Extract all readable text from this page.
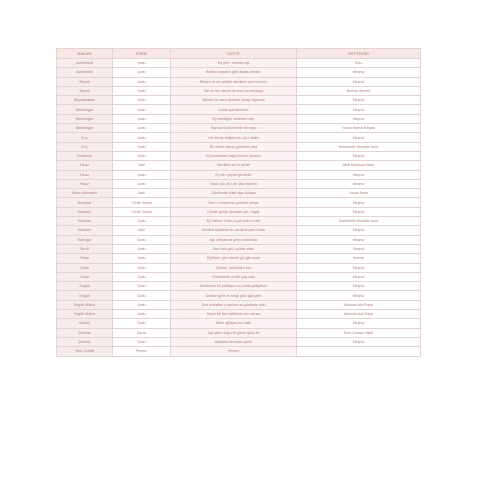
MAKAM	FORM	GÜFTE	GÜFTEKÂR
Acemkürdi	Şarkı	Ey şeh-i hüsnün eşi	Enis
Acemkürdi	Şarkı	Bahtım kapanık gitti ufukta ümidim	Meçhul
Beyati	Şarkı	Bilmem ki ne şekilde derdime çare bulunur	Meçhul
Beyati	Şarkı	Var mı her derde derman bu sevdaya	Burhan Ahmed
Beyatiaraban	Şarkı	Bilmem ki nasıl dinlerim yarayı diyarına	Meçhul
Bestenigar	Şarkı	Doldu ışık fikrimize	Meçhul
Bestenigar	Şarkı	Ey sevdiğim melekleri hep	Meçhul
Bestenigar	Şarkı	Sayısız hüzünlerinle her şeyi	Yahya Kemal Beyatlı
Evç	Şarkı	Yüz sürüp düştüm bu çöl-i dilden	Meçhul
Evç	Şarkı	Bir seher bahçe gözlerim olsa	Kemalettin Mustafa İzzet
Ferahnak	Şarkı	Ey muhabbet bağında kim olursun	Meçhul
Hicaz	İlahi	Mevlâna sırrın içinde	Abdi Mahmud Hâce
Hicaz	Şarkı	Ey dil-i şeyda gönüldür	Meçhul
Hicaz	Şarkı	Kaldı çok dil-i zâr yâd eylerim	Meçhul
Hicaz Hümayun	İlahi	Gönlümde Allah diye dolaşır	Yunus Emre
Hicazkar	Yürük Semai	Âlem-i hüsnünde gönlüm olmaz	Meçhul
Hüzzam	Yürük Semai	Kimdir görüp ölmeyen yâr-ı nigâr	Meçhul
Hüzzam	Şarkı	Ey hatıra-i Hüsn-ü yar eden o deli	Kemalettin Mustafa İzzet
Hüzzam	İlahi	Derdimi söyleme bir derdime çare bulan	Meçhul
Karcığar	Şarkı	Aşk deryasına giren kurtulmaz	Meçhul
Nevâ	Şarkı	Seni ben gül-i gülzâr ettim	Meçhul
Saba	Şarkı	Eylüldür, gün döndü gül gibi solar	Seniha
Saba	Şarkı	Gülden, bülbülden kim	Meçhul
Saba	Şarkı	Gözlerimde inciler yaş oldu	Meçhul
Segâh	Şarkı	Dönülmez bir yoldayım bu yolda gidiyorum	Meçhul
Segâh	Şarkı	Dostlar gelir ve sevgi gülü gibi gelir	Meçhul
Segâh Mâhur	Şarkı	Şeb müsellim o şerden ah gözümle oldu	Mehmet Akif Paşa
Segâh Mâhur	Şarkı	Söyle bir kez kalbimde sen varsın	Mehmet Akif Paşa
Sultanî	Şarkı	Dinle ağlayan bu kalbi	Meçhul
Şehnaz	Durak	Aşk yâre doğru ile gönül gözü ile	Emir Osman Hilâlî
Şehnaz	Şarkı	Aldatma beni eski şiirler	Meçhul
Tarz-ı Cedid	Peşrev	Peşrev	-
